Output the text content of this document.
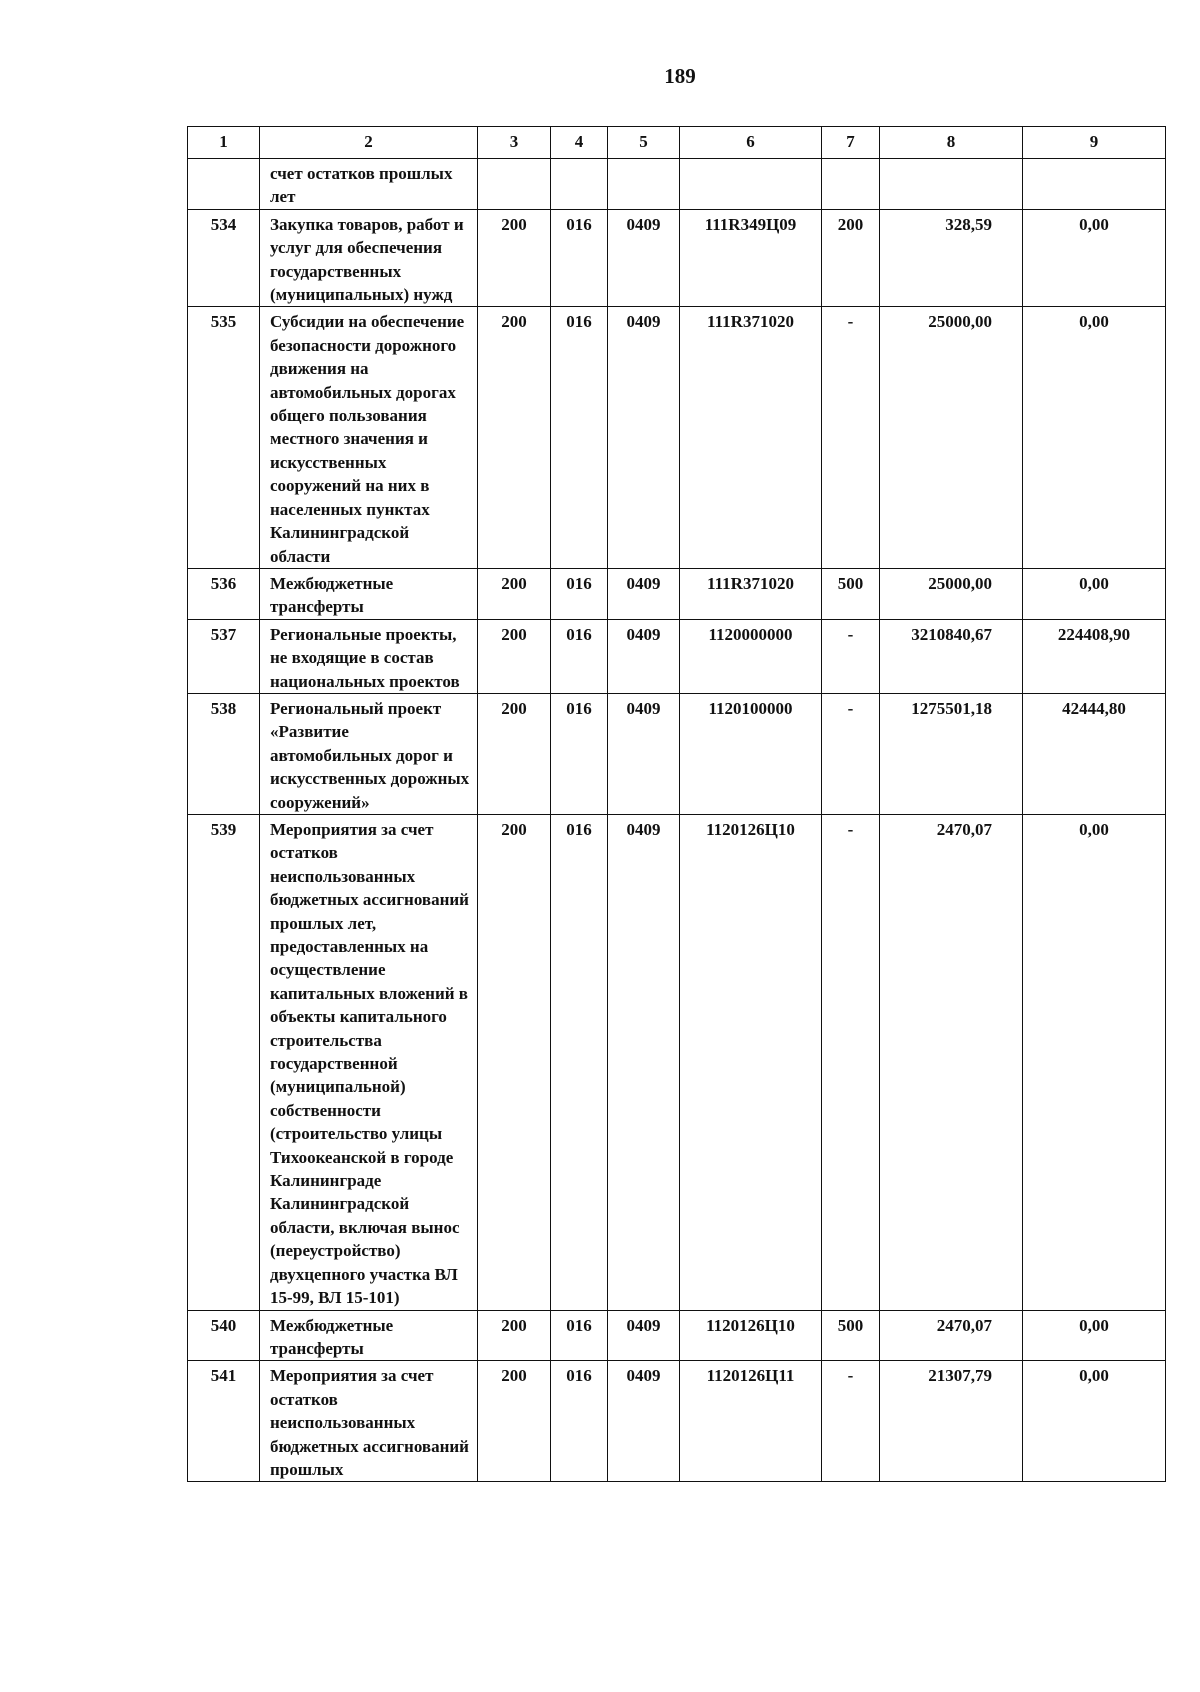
189
1	2	3	4	5	6	7	8	9
	счет остатков прошлых лет							
534	Закупка товаров, работ и услуг для обеспечения государственных (муниципальных) нужд	200	016	0409	111R349Ц09	200	328,59	0,00
535	Субсидии на обеспечение безопасности дорожного движения на автомобильных дорогах общего пользования местного значения и искусственных сооружений на них в населенных пунктах Калининградской области	200	016	0409	111R371020	-	25000,00	0,00
536	Межбюджетные трансферты	200	016	0409	111R371020	500	25000,00	0,00
537	Региональные проекты, не входящие в состав национальных проектов	200	016	0409	1120000000	-	3210840,67	224408,90
538	Региональный проект «Развитие автомобильных дорог и искусственных дорожных сооружений»	200	016	0409	1120100000	-	1275501,18	42444,80
539	Мероприятия за счет остатков неиспользованных бюджетных ассигнований прошлых лет, предоставленных на осуществление капитальных вложений в объекты капитального строительства государственной (муниципальной) собственности (строительство улицы Тихоокеанской в городе Калининграде Калининградской области, включая вынос (переустройство) двухцепного участка ВЛ 15-99, ВЛ 15-101)	200	016	0409	1120126Ц10	-	2470,07	0,00
540	Межбюджетные трансферты	200	016	0409	1120126Ц10	500	2470,07	0,00
541	Мероприятия за счет остатков неиспользованных бюджетных ассигнований прошлых	200	016	0409	1120126Ц11	-	21307,79	0,00
